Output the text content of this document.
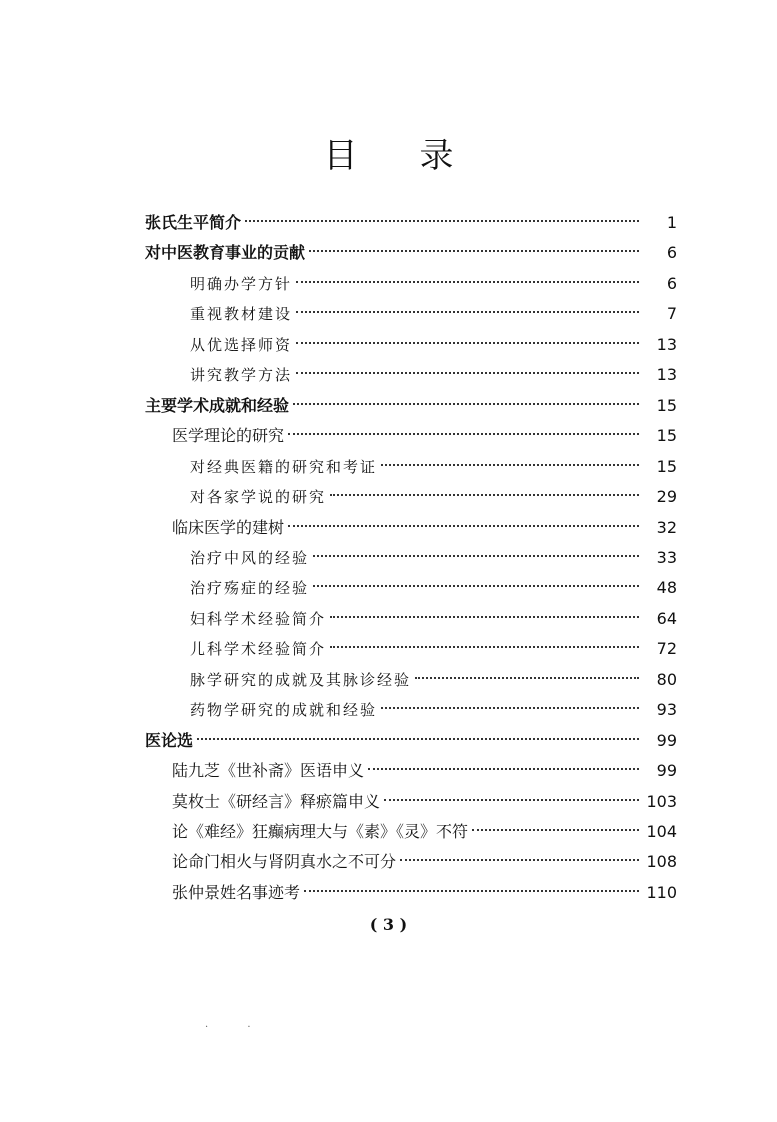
目 录
张氏生平简介	1
对中医教育事业的贡献	6
明确办学方针	6
重视教材建设	7
从优选择师资	13
讲究教学方法	13
主要学术成就和经验	15
医学理论的研究	15
对经典医籍的研究和考证	15
对各家学说的研究	29
临床医学的建树	32
治疗中风的经验	33
治疗殇症的经验	48
妇科学术经验简介	64
儿科学术经验简介	72
脉学研究的成就及其脉诊经验	80
药物学研究的成就和经验	93
医论选	99
陆九芝《世补斋》医语申义	99
莫枚士《研经言》释瘀篇申义	103
论《难经》狂癫病理大与《素》《灵》不符	104
论命门相火与肾阴真水之不可分	108
张仲景姓名事迹考	110
( 3 )
· ·
